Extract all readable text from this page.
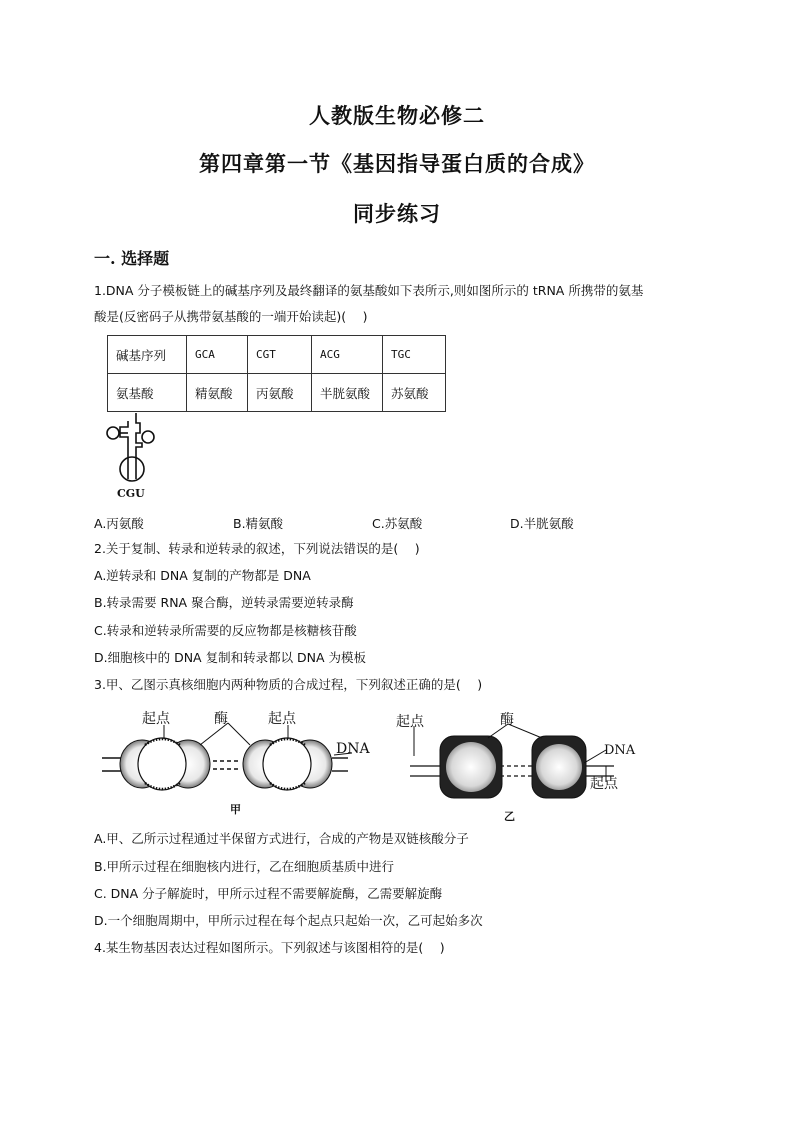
人教版生物必修二
第四章第一节《基因指导蛋白质的合成》
同步练习
一. 选择题
1.DNA 分子模板链上的碱基序列及最终翻译的氨基酸如下表所示,则如图所示的 tRNA 所携带的氨基
酸是(反密码子从携带氨基酸的一端开始读起)(　 )
碱基序列	GCA	CGT	ACG	TGC
氨基酸	精氨酸	丙氨酸	半胱氨酸	苏氨酸
CGU
A.丙氨酸	B.精氨酸	C.苏氨酸	D.半胱氨酸
2.关于复制、转录和逆转录的叙述，下列说法错误的是(　 )
A.逆转录和 DNA 复制的产物都是 DNA
B.转录需要 RNA 聚合酶，逆转录需要逆转录酶
C.转录和逆转录所需要的反应物都是核糖核苷酸
D.细胞核中的 DNA 复制和转录都以 DNA 为模板
3.甲、乙图示真核细胞内两种物质的合成过程，下列叙述正确的是(　 )
起点	酶	起点
DNA
甲
起点	酶
DNA
起点
乙
A.甲、乙所示过程通过半保留方式进行，合成的产物是双链核酸分子
B.甲所示过程在细胞核内进行，乙在细胞质基质中进行
C. DNA 分子解旋时，甲所示过程不需要解旋酶，乙需要解旋酶
D.一个细胞周期中，甲所示过程在每个起点只起始一次，乙可起始多次
4.某生物基因表达过程如图所示。下列叙述与该图相符的是(　 )
